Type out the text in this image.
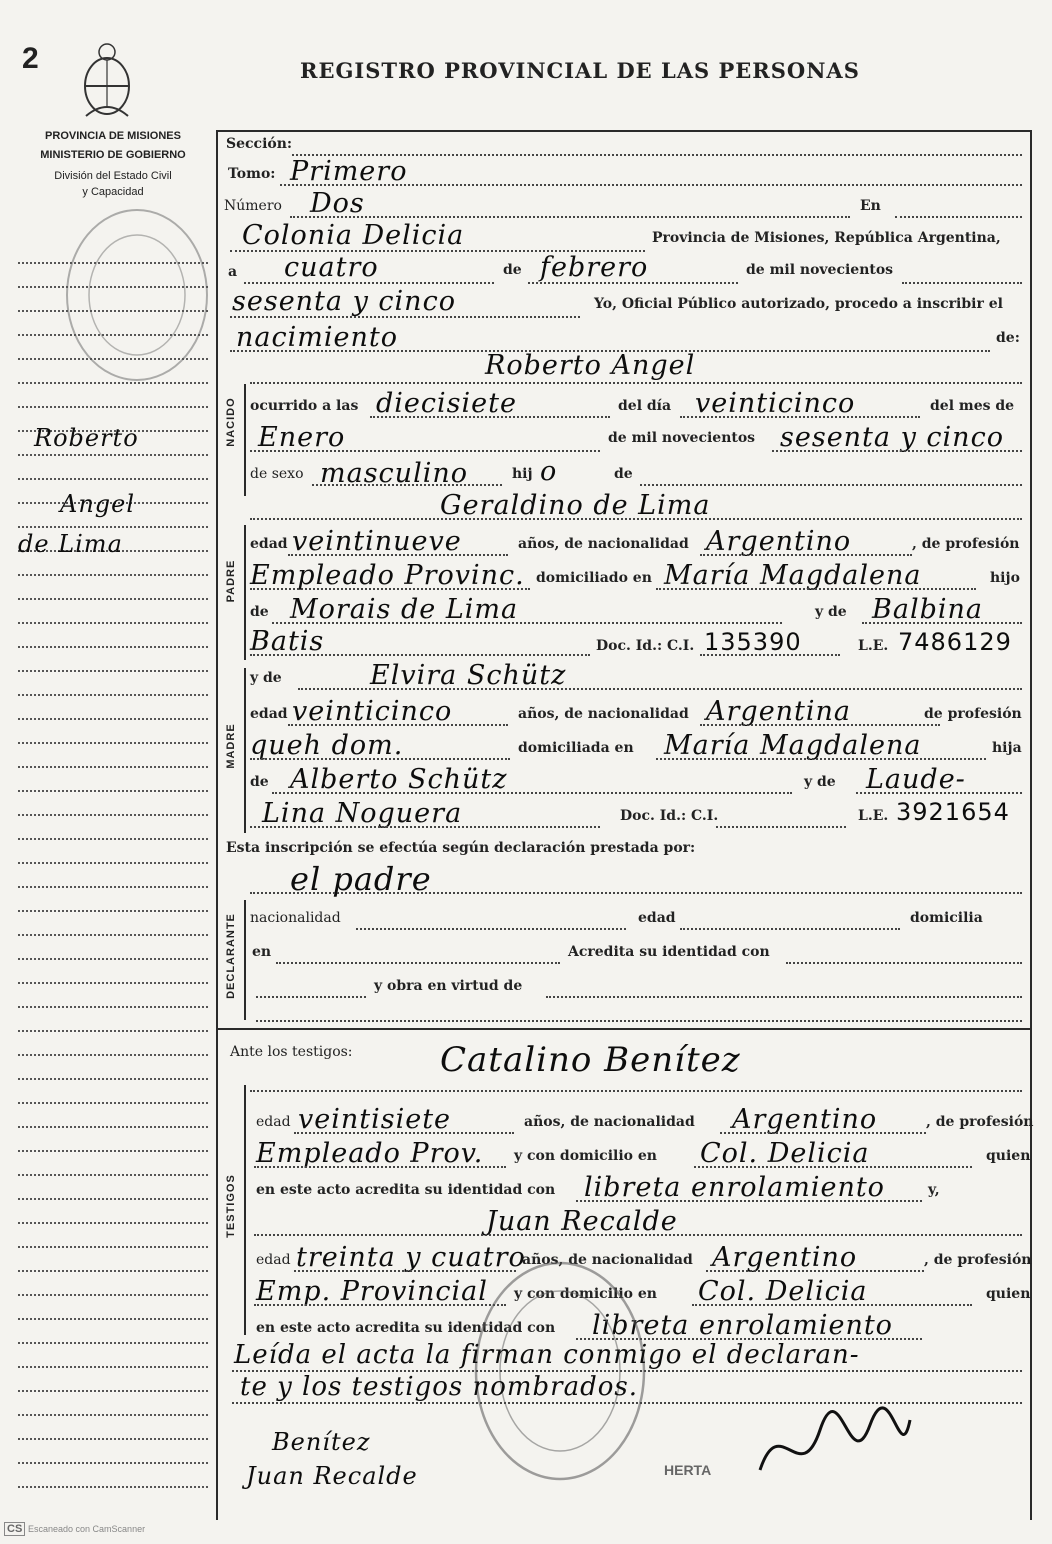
2	REGISTRO PROVINCIAL DE LAS PERSONAS
PROVINCIA DE MISIONES
MINISTERIO DE GOBIERNO
División del Estado Civil
y Capacidad
NACIDO
PADRE
MADRE
DECLARANTE
TESTIGOS
Roberto
Angel
de Lima
Sección:
Tomo: Primero
Número Dos	En
Colonia Delicia	Provincia de Misiones, República Argentina,
a cuatro	de febrero	de mil novecientos
sesenta y cinco	Yo, Oficial Público autorizado, procedo a inscribir el
nacimiento	de:
Roberto Angel
ocurrido a las diecisiete	del día veinticinco	del mes de
Enero	de mil novecientos sesenta y cinco
de sexo masculino	hij o	de
Geraldino de Lima
edad veintinueve	años, de nacionalidad Argentino	, de profesión
Empleado Provinc. domiciliado en María Magdalena	hijo
de Morais de Lima	y de Balbina
Batis	Doc. Id.: C.I. 135390	L.E. 7486129
y de	Elvira Schütz
edad veinticinco	años, de nacionalidad Argentina	de profesión
queh dom.	domiciliada en María Magdalena	hija
de Alberto Schütz	y de Laude-
Lina Noguera	Doc. Id.: C.I.	L.E. 3921654
Esta inscripción se efectúa según declaración prestada por:
el padre
nacionalidad	edad	domicilia
en	Acredita su identidad con
y obra en virtud de
Ante los testigos:	Catalino Benítez
edad veintisiete	años, de nacionalidad Argentino	, de profesión
Empleado Prov. y con domicilio en Col. Delicia	quien
en este acto acredita su identidad con libreta enrolamiento	y,
Juan Recalde
edad treinta y cuatro
años, de nacionalidad Argentino	, de profesión
Emp. Provincial y con domicilio en Col. Delicia	quien
en este acto acredita su identidad con libreta enrolamiento
Leída el acta la firman conmigo el declaran-
te y los testigos nombrados.
Benítez
Juan Recalde	HERTA
CS Escaneado con CamScanner
